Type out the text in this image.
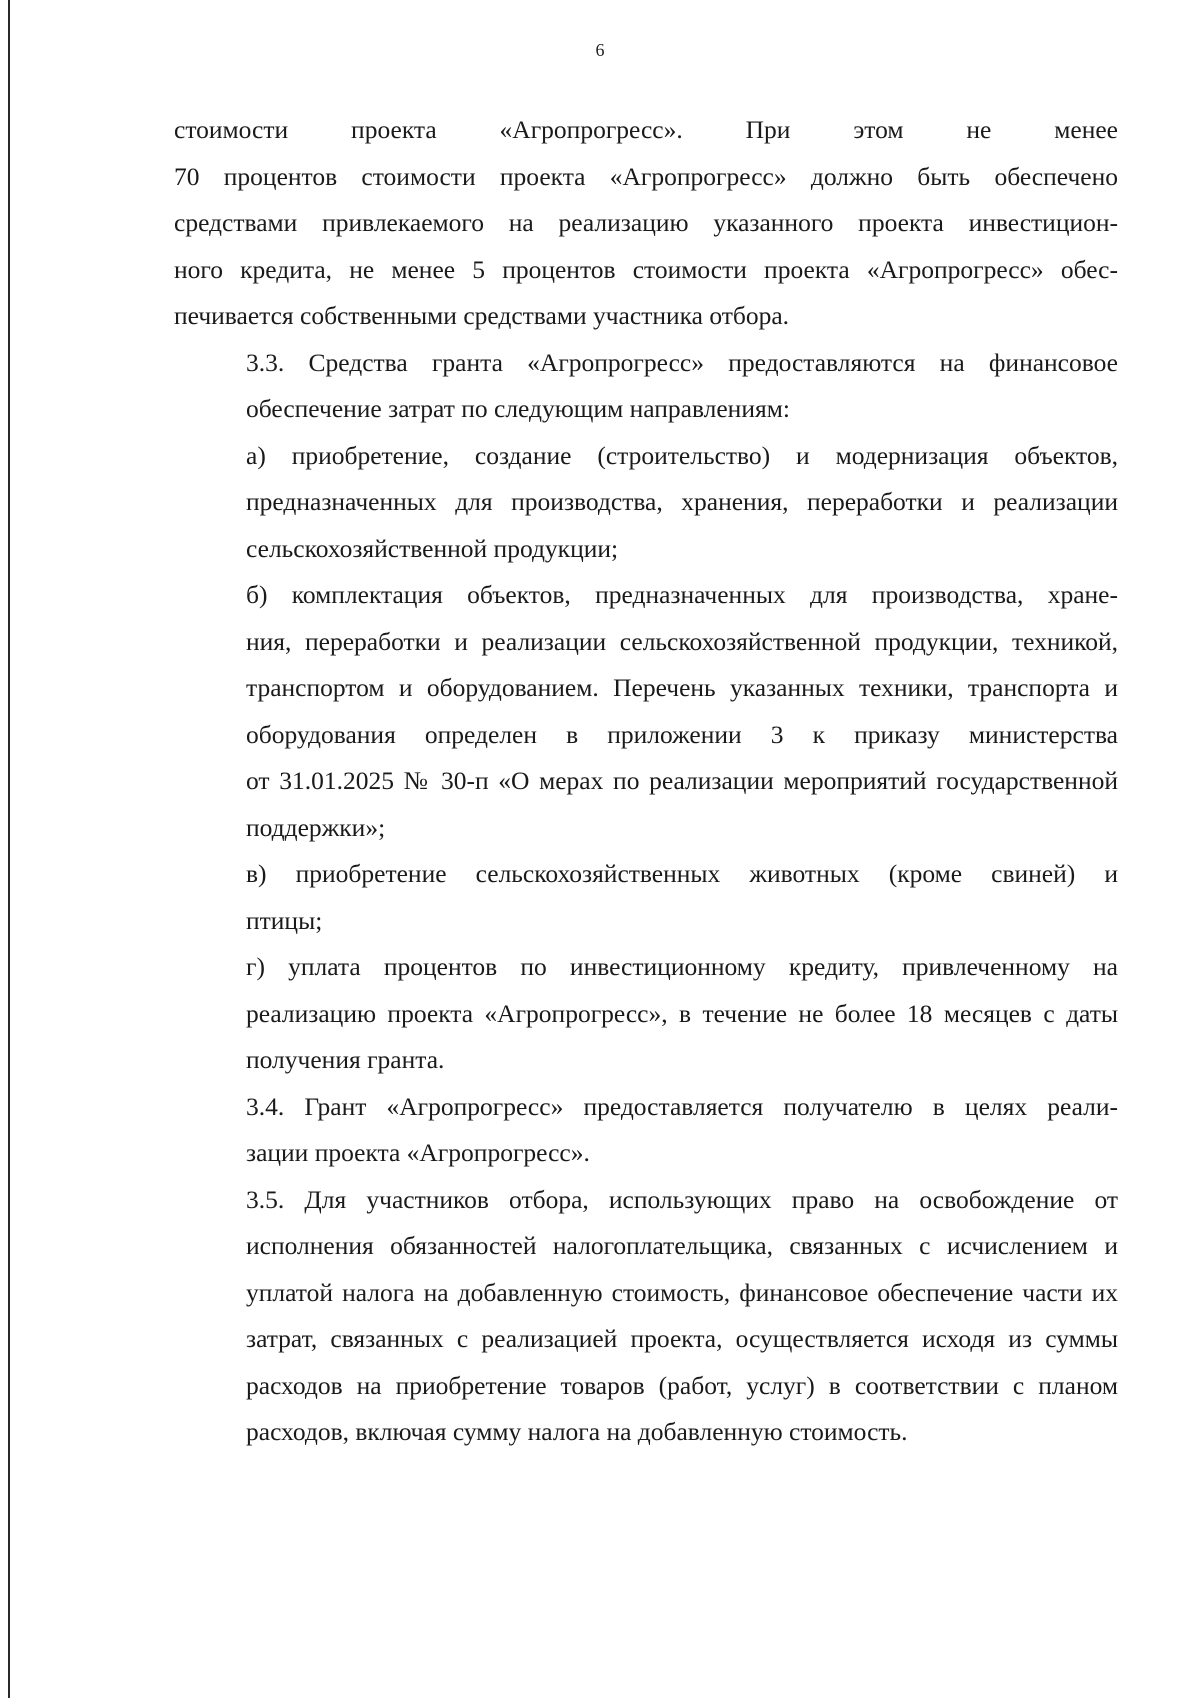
6

стоимости проекта «Агропрогресс». При этом не менее
70 процентов стоимости проекта «Агропрогресс» должно быть обеспечено
средствами привлекаемого на реализацию указанного проекта инвестицион-
ного кредита, не менее 5 процентов стоимости проекта «Агропрогресс» обес-
печивается собственными средствами участника отбора.

3.3. Средства гранта «Агропрогресс» предоставляются на финансовое
обеспечение затрат по следующим направлениям:

а) приобретение, создание (строительство) и модернизация объектов,
предназначенных для производства, хранения, переработки и реализации
сельскохозяйственной продукции;

б) комплектация объектов, предназначенных для производства, хране-
ния, переработки и реализации сельскохозяйственной продукции, техникой,
транспортом и оборудованием. Перечень указанных техники, транспорта и
оборудования определен в приложении 3 к приказу министерства
от 31.01.2025 № 30-п «О мерах по реализации мероприятий государственной
поддержки»;

в) приобретение сельскохозяйственных животных (кроме свиней) и
птицы;

г) уплата процентов по инвестиционному кредиту, привлеченному на
реализацию проекта «Агропрогресс», в течение не более 18 месяцев с даты
получения гранта.

3.4. Грант «Агропрогресс» предоставляется получателю в целях реали-
зации проекта «Агропрогресс».

3.5. Для участников отбора, использующих право на освобождение от
исполнения обязанностей налогоплательщика, связанных с исчислением и
уплатой налога на добавленную стоимость, финансовое обеспечение части их
затрат, связанных с реализацией проекта, осуществляется исходя из суммы
расходов на приобретение товаров (работ, услуг) в соответствии с планом
расходов, включая сумму налога на добавленную стоимость.
